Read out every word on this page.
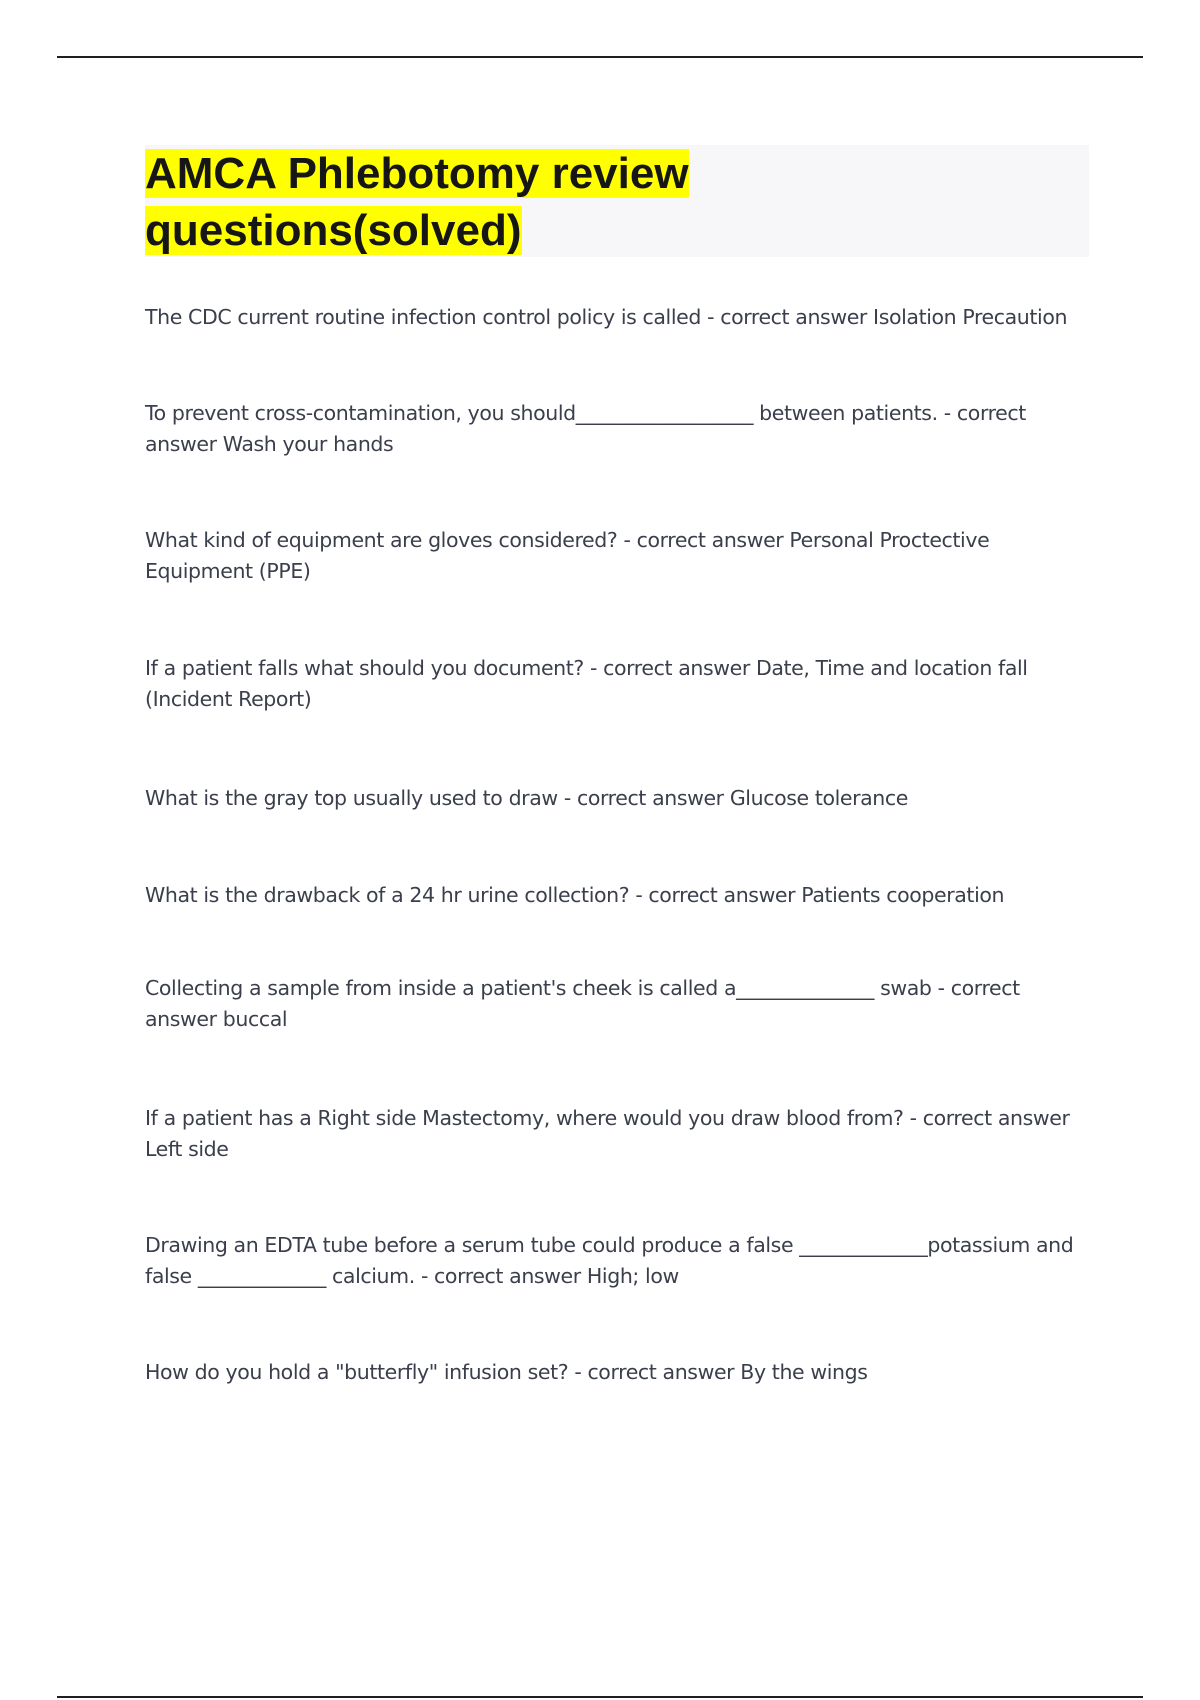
AMCA Phlebotomy review questions(solved)

The CDC current routine infection control policy is called - correct answer Isolation Precaution

To prevent cross-contamination, you should__________________ between patients. - correct answer Wash your hands

What kind of equipment are gloves considered? - correct answer Personal Proctective Equipment (PPE)

If a patient falls what should you document? - correct answer Date, Time and location fall (Incident Report)

What is the gray top usually used to draw - correct answer Glucose tolerance

What is the drawback of a 24 hr urine collection? - correct answer Patients cooperation

Collecting a sample from inside a patient's cheek is called a______________ swab - correct answer buccal

If a patient has a Right side Mastectomy, where would you draw blood from? - correct answer Left side

Drawing an EDTA tube before a serum tube could produce a false _____________potassium and false _____________ calcium. - correct answer High; low

How do you hold a "butterfly" infusion set? - correct answer By the wings
